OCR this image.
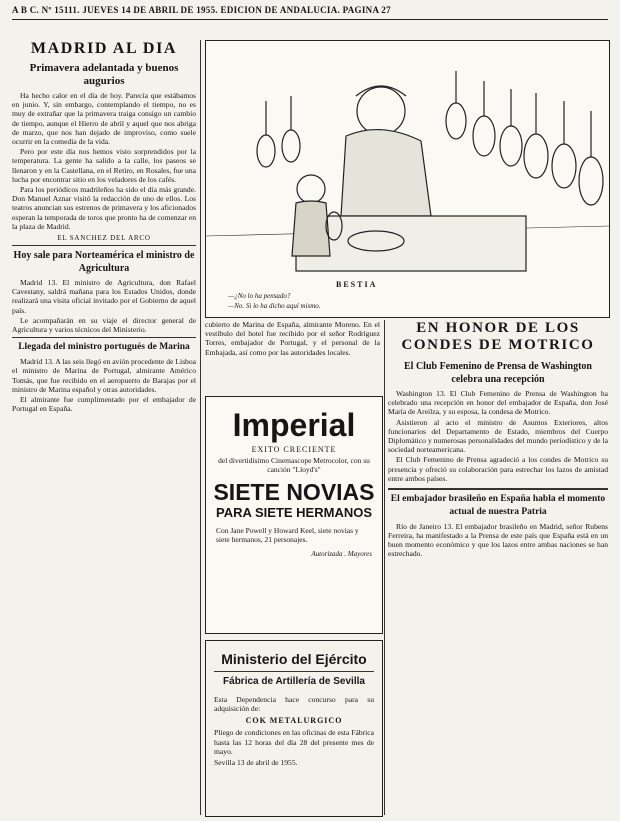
A B C. Nº 15111. JUEVES 14 DE ABRIL DE 1955. EDICION DE ANDALUCIA. PAGINA 27
MADRID AL DIA
Primavera adelantada y buenos augurios

Ha hecho calor en el día de hoy. Parecía que estábamos en junio. Y, sin embargo, contemplando el tiempo, no es muy de extrañar que la primavera traiga consigo un cambio de tiempo, aunque el Hierro de abril y aquel que nos abriga de marzo, que nos han dejado de improviso, como suele ocurrir en la comedia de la vida.

Pero por este día nos hemos visto sorprendidos por la temperatura. La gente ha salido a la calle, los paseos se llenaron y en la Castellana, en el Retiro, en Rosales, fue una lucha por encontrar sitio en los veladores de los cafés.

Para los periódicos madrileños ha sido el día más grande. Don Manuel Aznar visitó la redacción de uno de ellos. Los teatros anuncian sus estrenos de primavera y los aficionados esperan la temporada de toros que pronto ha de comenzar en la plaza de Madrid.

EL SANCHEZ DEL ARCO
Hoy sale para Norteamérica el ministro de Agricultura

Madrid 13. El ministro de Agricultura, don Rafael Cavestany, saldrá mañana para los Estados Unidos, donde realizará una visita oficial invitado por el Gobierno de aquel país.

Le acompañarán en su viaje el director general de Agricultura y varios técnicos del Ministerio.

Llegada del ministro portugués de Marina

Madrid 13. A las seis llegó en avión procedente de Lisboa el ministro de Marina de Portugal, almirante Américo Tomás, que fue recibido en el aeropuerto de Barajas por el ministro de Marina español y otras autoridades.

El almirante fue cumplimentado por el embajador de Portugal en España.

BESTIA
—¿No lo ha pensado?
—No. Si lo ha dicho aquí mismo.
cubierto de Marina de España, almirante Moreno. En el vestíbulo del hotel fue recibido por el señor Rodríguez Torres, embajador de Portugal, y el personal de la Embajada, así como por las autoridades locales.
Imperial
EXITO CRECIENTE
del divertidísimo Cinemascope Metrocolor, con su canción "Lloyd's"
SIETE NOVIAS
PARA SIETE HERMANOS
Con Jane Powell y Howard Keel, siete novias y siete hermanos, 21 personajes.
Autorizada . Mayores
Ministerio del Ejército
Fábrica de Artillería de Sevilla
Esta Dependencia hace concurso para su adquisición de:
COK METALURGICO
Pliego de condiciones en las oficinas de esta Fábrica hasta las 12 horas del día 28 del presente mes de mayo.
Sevilla 13 de abril de 1955.
EN HONOR DE LOS CONDES DE MOTRICO
El Club Femenino de Prensa de Washington celebra una recepción

Washington 13. El Club Femenino de Prensa de Washington ha celebrado una recepción en honor del embajador de España, don José María de Areilza, y su esposa, la condesa de Motrico.

Asistieron al acto el ministro de Asuntos Exteriores, altos funcionarios del Departamento de Estado, miembros del Cuerpo Diplomático y numerosas personalidades del mundo periodístico y de la sociedad norteamericana.

El Club Femenino de Prensa agradeció a los condes de Motrico su presencia y ofreció su colaboración para estrechar los lazos de amistad entre ambos países.

El embajador brasileño en España habla el momento actual de nuestra Patria

Río de Janeiro 13. El embajador brasileño en Madrid, señor Rubens Ferreira, ha manifestado a la Prensa de este país que España está en un buen momento económico y que los lazos entre ambas naciones se han estrechado.
